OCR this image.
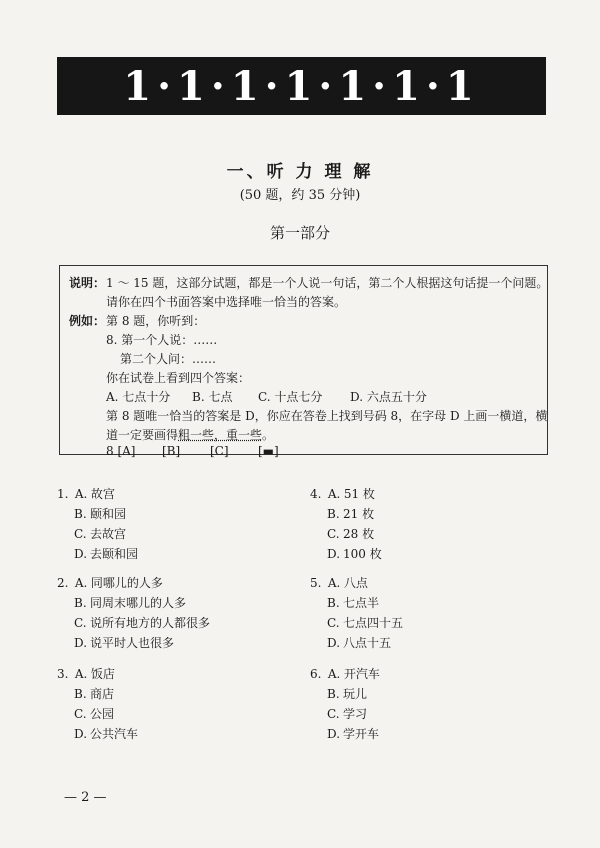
1·1·1·1·1·1·1
一、听 力 理 解
(50 题，约 35 分钟)
第一部分
说明： 1 ～ 15 题，这部分试题，都是一个人说一句话，第二个人根据这句话提一个问题。
请你在四个书面答案中选择唯一恰当的答案。
例如： 第 8 题，你听到：
8. 第一个人说：……
第二个人问：……
你在试卷上看到四个答案：
A. 七点十分 B. 七点 C. 十点七分 D. 六点五十分
第 8 题唯一恰当的答案是 D，你应在答卷上找到号码 8，在字母 D 上画一横道，横
道一定要画得粗一些，重一些。
8 [A] [B] [C] [▬]
1. A. 故宫
B. 颐和园
C. 去故宫
D. 去颐和园
2. A. 同哪儿的人多
B. 同周末哪儿的人多
C. 说所有地方的人都很多
D. 说平时人也很多
3. A. 饭店
B. 商店
C. 公园
D. 公共汽车
4. A. 51 枚
B. 21 枚
C. 28 枚
D. 100 枚
5. A. 八点
B. 七点半
C. 七点四十五
D. 八点十五
6. A. 开汽车
B. 玩儿
C. 学习
D. 学开车
— 2 —
